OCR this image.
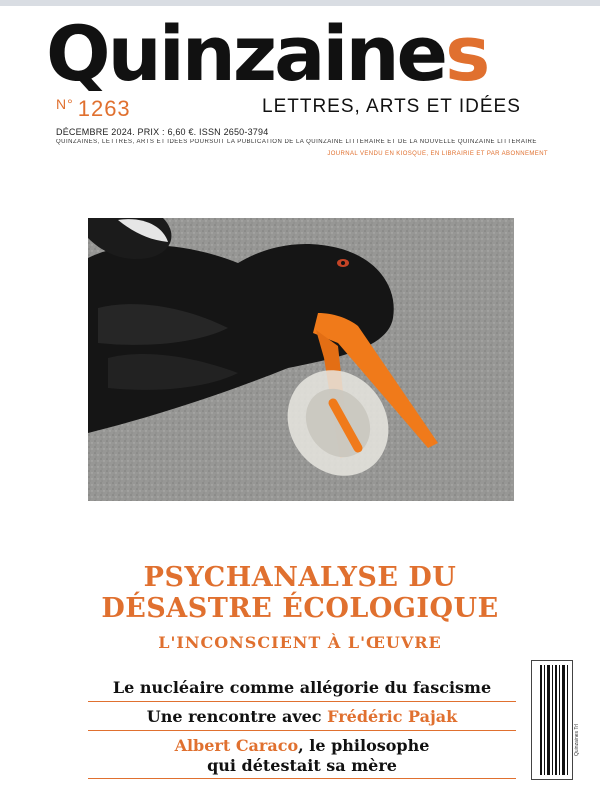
Quinzaines
$^{N^\circ}$ 1263	LETTRES, ARTS ET IDÉES
DÉCEMBRE 2024. PRIX : 6,60 €. ISSN 2650-3794
QUINZAINES, LETTRES, ARTS ET IDÉES POURSUIT LA PUBLICATION DE LA QUINZAINE LITTÉRAIRE ET DE LA NOUVELLE QUINZAINE LITTÉRAIRE
JOURNAL VENDU EN KIOSQUE, EN LIBRAIRIE ET PAR ABONNEMENT
PSYCHANALYSE DU
DÉSASTRE ÉCOLOGIQUE
L'INCONSCIENT À L'ŒUVRE
Le nucléaire comme allégorie du fascisme
Une rencontre avec Frédéric Pajak
Albert Caraco, le philosophe
qui détestait sa mère
Quinzaines Trl
